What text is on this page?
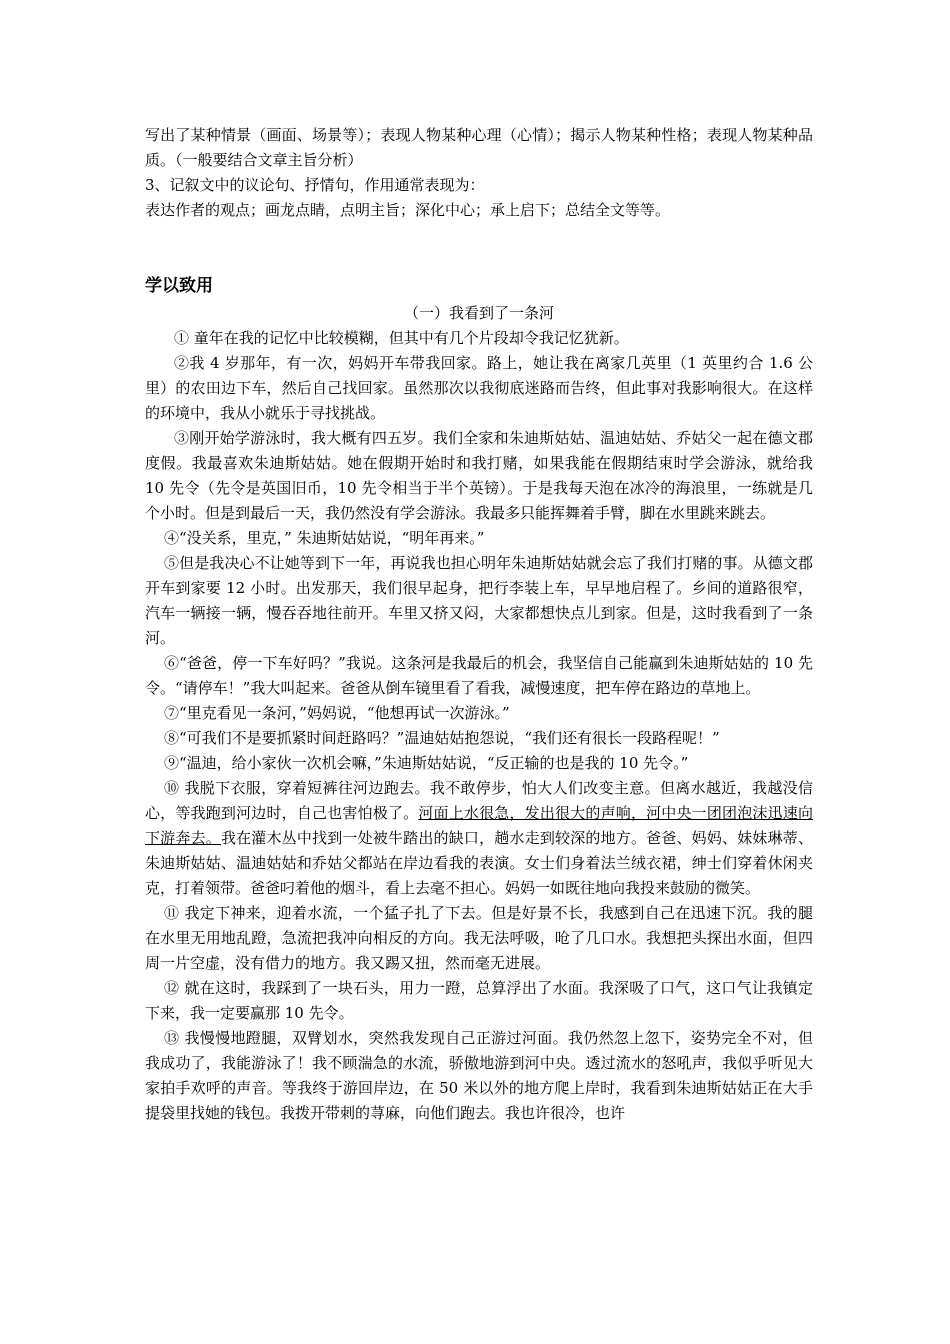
写出了某种情景（画面、场景等）；表现人物某种心理（心情）；揭示人物某种性格；表现人物某种品质。（一般要结合文章主旨分析）

3、记叙文中的议论句、抒情句，作用通常表现为：

表达作者的观点；画龙点睛，点明主旨；深化中心；承上启下；总结全文等等。

学以致用
（一）我看到了一条河

① 童年在我的记忆中比较模糊，但其中有几个片段却令我记忆犹新。

②我 4 岁那年，有一次，妈妈开车带我回家。路上，她让我在离家几英里（1 英里约合 1.6 公里）的农田边下车，然后自己找回家。虽然那次以我彻底迷路而告终，但此事对我影响很大。在这样的环境中，我从小就乐于寻找挑战。

③刚开始学游泳时，我大概有四五岁。我们全家和朱迪斯姑姑、温迪姑姑、乔姑父一起在德文郡度假。我最喜欢朱迪斯姑姑。她在假期开始时和我打赌，如果我能在假期结束时学会游泳，就给我 10 先令（先令是英国旧币，10 先令相当于半个英镑）。于是我每天泡在冰冷的海浪里，一练就是几个小时。但是到最后一天，我仍然没有学会游泳。我最多只能挥舞着手臂，脚在水里跳来跳去。

④“没关系，里克，” 朱迪斯姑姑说，“明年再来。”

⑤但是我决心不让她等到下一年，再说我也担心明年朱迪斯姑姑就会忘了我们打赌的事。从德文郡开车到家要 12 小时。出发那天，我们很早起身，把行李装上车，早早地启程了。乡间的道路很窄，汽车一辆接一辆，慢吞吞地往前开。车里又挤又闷，大家都想快点儿到家。但是，这时我看到了一条河。

⑥“爸爸，停一下车好吗？”我说。这条河是我最后的机会，我坚信自己能赢到朱迪斯姑姑的 10 先令。“请停车！”我大叫起来。爸爸从倒车镜里看了看我，减慢速度，把车停在路边的草地上。

⑦“里克看见一条河，”妈妈说，“他想再试一次游泳。”

⑧“可我们不是要抓紧时间赶路吗？”温迪姑姑抱怨说，“我们还有很长一段路程呢！”

⑨“温迪，给小家伙一次机会嘛，”朱迪斯姑姑说，“反正输的也是我的 10 先令。”

⑩ 我脱下衣服，穿着短裤往河边跑去。我不敢停步，怕大人们改变主意。但离水越近，我越没信心，等我跑到河边时，自己也害怕极了。河面上水很急，发出很大的声响，河中央一团团泡沫迅速向下游奔去。我在灌木丛中找到一处被牛踏出的缺口，趟水走到较深的地方。爸爸、妈妈、妹妹琳蒂、朱迪斯姑姑、温迪姑姑和乔姑父都站在岸边看我的表演。女士们身着法兰绒衣裙，绅士们穿着休闲夹克，打着领带。爸爸叼着他的烟斗，看上去毫不担心。妈妈一如既往地向我投来鼓励的微笑。

⑪ 我定下神来，迎着水流，一个猛子扎了下去。但是好景不长，我感到自己在迅速下沉。我的腿在水里无用地乱蹬，急流把我冲向相反的方向。我无法呼吸，呛了几口水。我想把头探出水面，但四周一片空虚，没有借力的地方。我又踢又扭，然而毫无进展。

⑫ 就在这时，我踩到了一块石头，用力一蹬，总算浮出了水面。我深吸了口气，这口气让我镇定下来，我一定要赢那 10 先令。

⑬ 我慢慢地蹬腿，双臂划水，突然我发现自己正游过河面。我仍然忽上忽下，姿势完全不对，但我成功了，我能游泳了！我不顾湍急的水流，骄傲地游到河中央。透过流水的怒吼声，我似乎听见大家拍手欢呼的声音。等我终于游回岸边，在 50 米以外的地方爬上岸时，我看到朱迪斯姑姑正在大手提袋里找她的钱包。我拨开带刺的荨麻，向他们跑去。我也许很冷，也许
